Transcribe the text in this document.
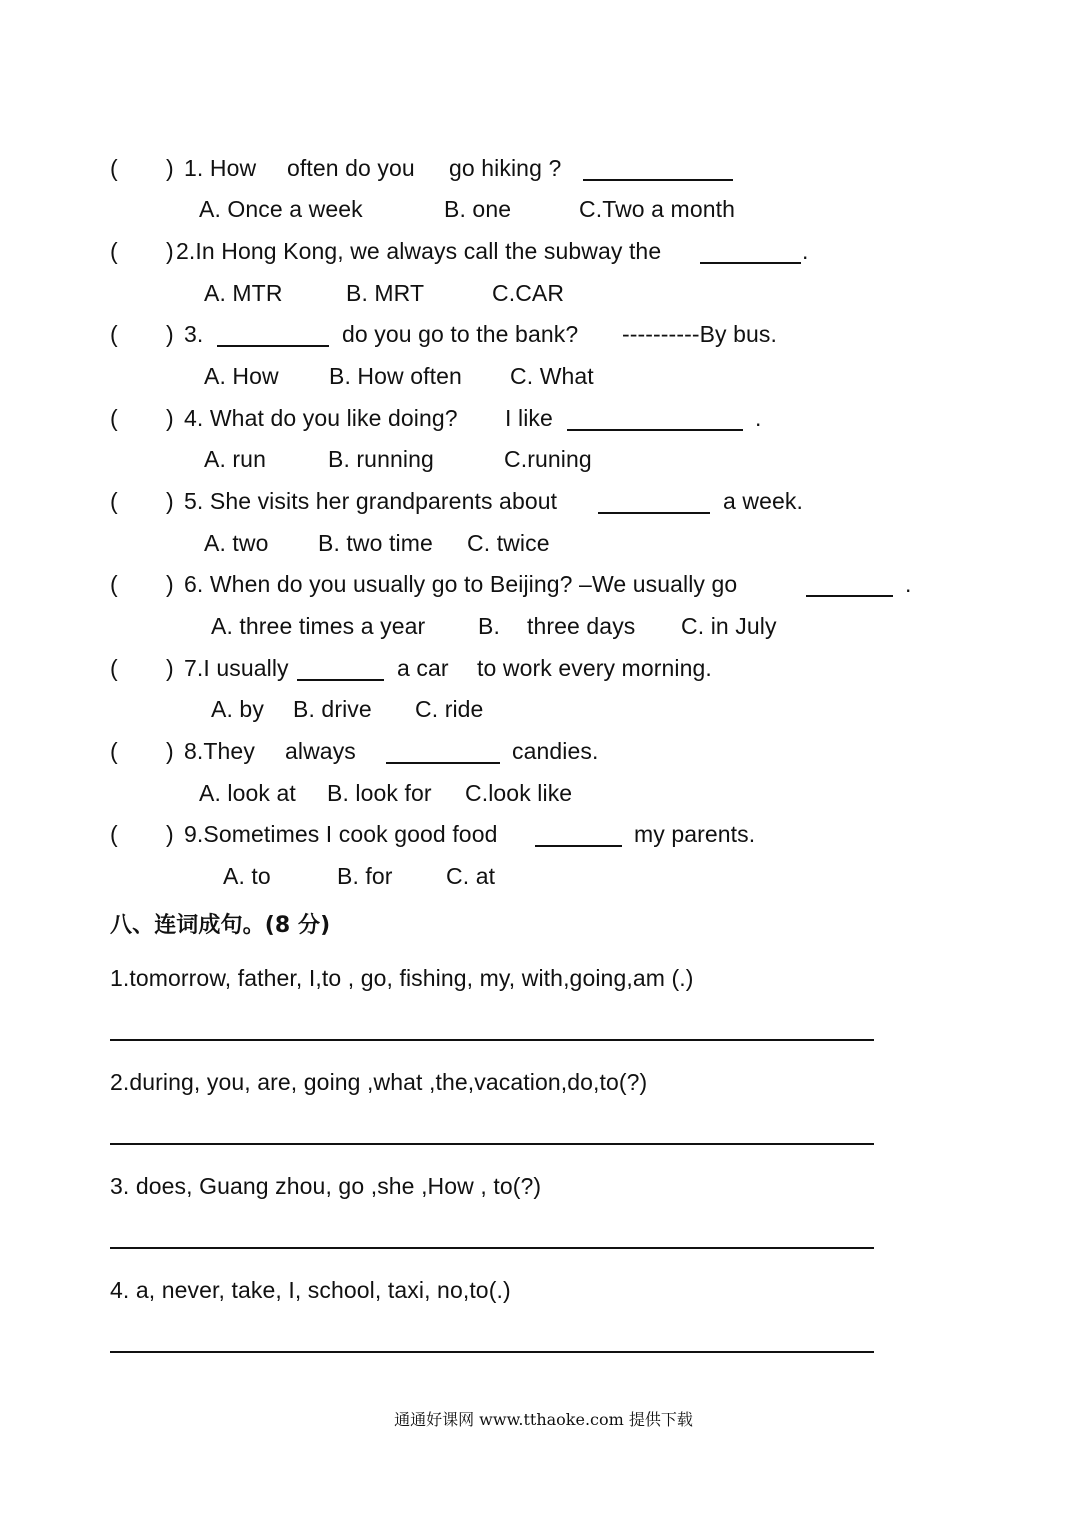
( ) 1. How often do you go hiking ?
A. Once a week	B. one	C.Two a month
( ) 2.In Hong Kong, we always call the subway the	.
A. MTR	B. MRT	C.CAR
( ) 3.	do you go to the bank? ----------By bus.
A. How B. How often C. What
( ) 4. What do you like doing? I like	.
A. run	B. running	C.runing
( ) 5. She visits her grandparents about	a week.
A. two B. two time C. twice
( ) 6. When do you usually go to Beijing? –We usually go	.
A. three times a year B. three days C. in July
( ) 7.I usually	a car to work every morning.
A. by B. drive C. ride
( ) 8.They always	candies.
A. look at B. look for C.look like
( ) 9.Sometimes I cook good food	my parents.
A. to	B. for C. at
八、连词成句。(8 分)
1.tomorrow, father, I,to , go, fishing, my, with,going,am (.)
2.during, you, are, going ,what ,the,vacation,do,to(?)
3. does, Guang zhou, go ,she ,How , to(?)
4. a, never, take, I, school, taxi, no,to(.)
通通好课网 www.tthaoke.com 提供下载
